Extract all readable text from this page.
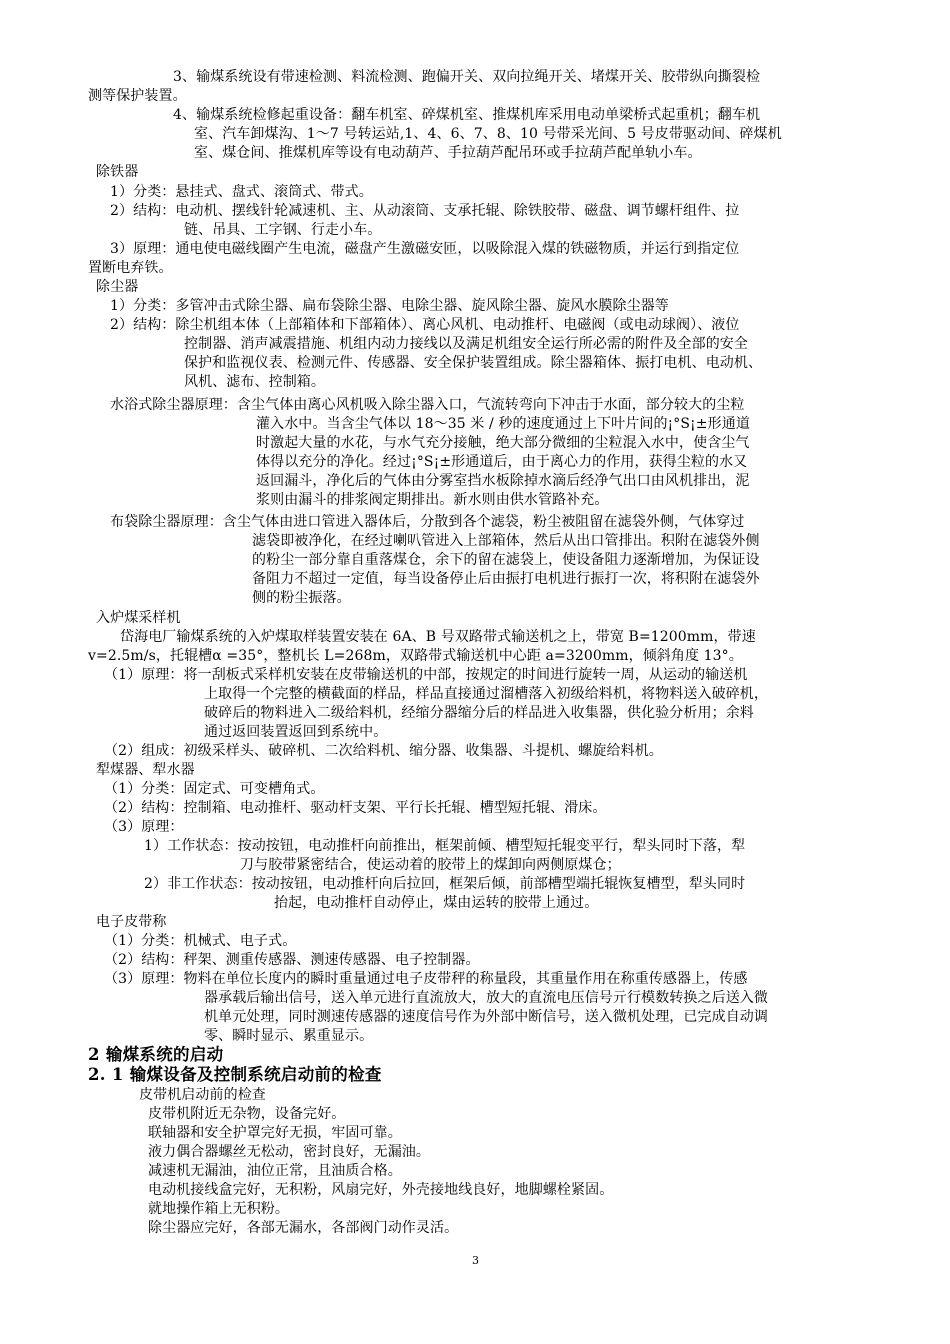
3、输煤系统设有带速检测、料流检测、跑偏开关、双向拉绳开关、堵煤开关、胶带纵向撕裂检
测等保护装置。
4、输煤系统检修起重设备：翻车机室、碎煤机室、推煤机库采用电动单梁桥式起重机；翻车机
室、汽车卸煤沟、1～7 号转运站,1、4、6、7、8、10 号带采光间、5 号皮带驱动间、碎煤机
室、煤仓间、推煤机库等设有电动葫芦、手拉葫芦配吊环或手拉葫芦配单轨小车。
除铁器
1）分类：悬挂式、盘式、滚筒式、带式。
2）结构：电动机、摆线针轮减速机、主、从动滚筒、支承托辊、除铁胶带、磁盘、调节螺杆组件、拉
链、吊具、工字钢、行走小车。
3）原理：通电使电磁线圈产生电流，磁盘产生激磁安匝，以吸除混入煤的铁磁物质，并运行到指定位
置断电弃铁。
除尘器
1）分类：多管冲击式除尘器、扁布袋除尘器、电除尘器、旋风除尘器、旋风水膜除尘器等
2）结构：除尘机组本体（上部箱体和下部箱体）、离心风机、电动推杆、电磁阀（或电动球阀）、液位
控制器、消声减震措施、机组内动力接线以及满足机组安全运行所必需的附件及全部的安全
保护和监视仪表、检测元件、传感器、安全保护装置组成。除尘器箱体、振打电机、电动机、
风机、滤布、控制箱。
水浴式除尘器原理：含尘气体由离心风机吸入除尘器入口，气流转弯向下冲击于水面，部分较大的尘粒
灌入水中。当含尘气体以 18～35 米 / 秒的速度通过上下叶片间的¡°S¡±形通道
时激起大量的水花，与水气充分接触，绝大部分微细的尘粒混入水中，使含尘气
体得以充分的净化。经过¡°S¡±形通道后，由于离心力的作用，获得尘粒的水又
返回漏斗，净化后的气体由分雾室挡水板除掉水滴后经净气出口由风机排出，泥
浆则由漏斗的排浆阀定期排出。新水则由供水管路补充。
布袋除尘器原理：含尘气体由进口管进入器体后，分散到各个滤袋，粉尘被阻留在滤袋外侧，气体穿过
滤袋即被净化，在经过喇叭管进入上部箱体，然后从出口管排出。积附在滤袋外侧
的粉尘一部分靠自重落煤仓，余下的留在滤袋上，使设备阻力逐渐增加，为保证设
备阻力不超过一定值，每当设备停止后由振打电机进行振打一次，将积附在滤袋外
侧的粉尘振落。
入炉煤采样机
岱海电厂输煤系统的入炉煤取样装置安装在 6A、B 号双路带式输送机之上，带宽 B=1200mm，带速
v=2.5m/s，托辊槽α =35°，整机长 L=268m，双路带式输送机中心距 a=3200mm，倾斜角度 13°。
（1）原理：将一刮板式采样机安装在皮带输送机的中部，按规定的时间进行旋转一周，从运动的输送机
上取得一个完整的横截面的样品，样品直接通过溜槽落入初级给料机，将物料送入破碎机，
破碎后的物料进入二级给料机，经缩分器缩分后的样品进入收集器，供化验分析用；余料
通过返回装置返回到系统中。
（2）组成：初级采样头、破碎机、二次给料机、缩分器、收集器、斗提机、螺旋给料机。
犁煤器、犁水器
（1）分类：固定式、可变槽角式。
（2）结构：控制箱、电动推杆、驱动杆支架、平行长托辊、槽型短托辊、滑床。
（3）原理：
1）工作状态：按动按钮，电动推杆向前推出，框架前倾、槽型短托辊变平行，犁头同时下落，犁
刀与胶带紧密结合，使运动着的胶带上的煤卸向两侧原煤仓；
2）非工作状态：按动按钮，电动推杆向后拉回，框架后倾，前部槽型端托辊恢复槽型，犁头同时
抬起，电动推杆自动停止，煤由运转的胶带上通过。
电子皮带称
（1）分类：机械式、电子式。
（2）结构：秤架、测重传感器、测速传感器、电子控制器。
（3）原理：物料在单位长度内的瞬时重量通过电子皮带秤的称量段，其重量作用在称重传感器上，传感
器承载后输出信号，送入单元进行直流放大，放大的直流电压信号亓行模数转换之后送入微
机单元处理，同时测速传感器的速度信号作为外部中断信号，送入微机处理，已完成自动调
零、瞬时显示、累重显示。
2 输煤系统的启动
2. 1 输煤设备及控制系统启动前的检查
皮带机启动前的检查
皮带机附近无杂物，设备完好。
联轴器和安全护罩完好无损，牢固可靠。
液力偶合器螺丝无松动，密封良好，无漏油。
减速机无漏油，油位正常，且油质合格。
电动机接线盒完好，无积粉，风扇完好，外壳接地线良好，地脚螺栓紧固。
就地操作箱上无积粉。
除尘器应完好，各部无漏水，各部阀门动作灵活。
3
